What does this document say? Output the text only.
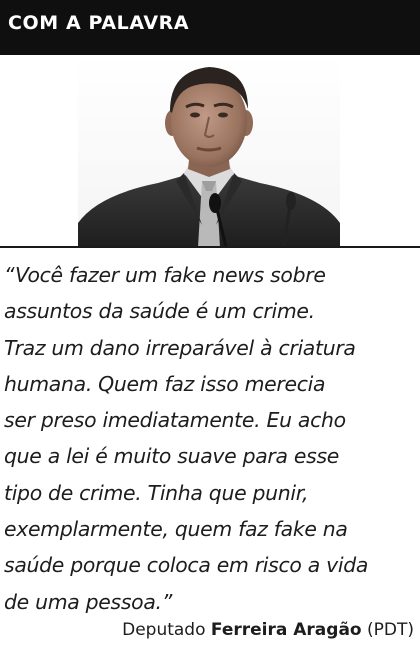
COM A PALAVRA

“Você fazer um fake news sobre
assuntos da saúde é um crime.
Traz um dano irreparável à criatura
humana. Quem faz isso merecia
ser preso imediatamente. Eu acho
que a lei é muito suave para esse
tipo de crime. Tinha que punir,
exemplarmente, quem faz fake na
saúde porque coloca em risco a vida
de uma pessoa.”

Deputado Ferreira Aragão (PDT)
